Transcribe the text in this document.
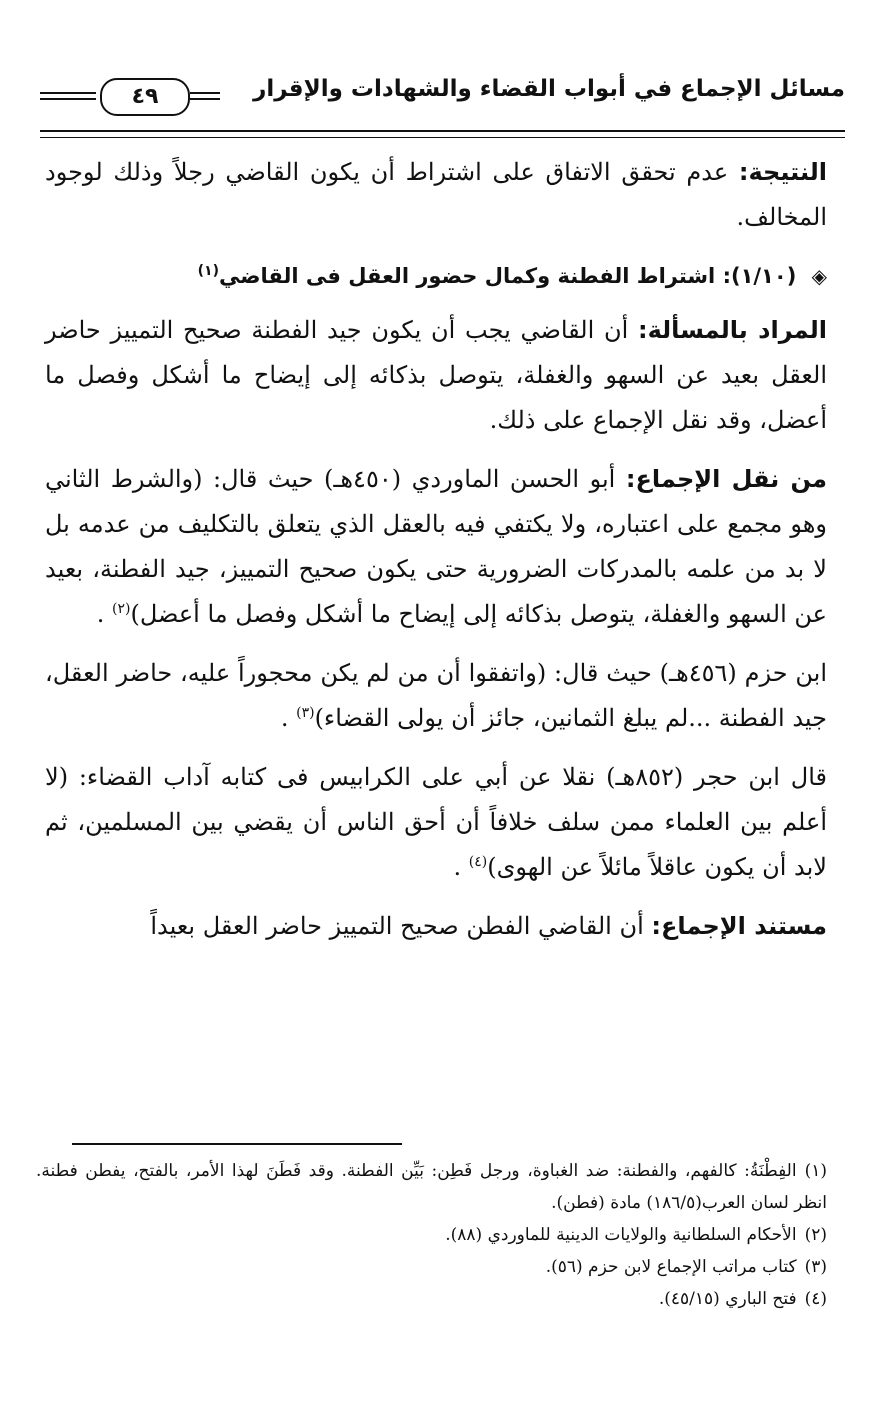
مسائل الإجماع في أبواب القضاء والشهادات والإقرار
٤٩

النتيجة: عدم تحقق الاتفاق على اشتراط أن يكون القاضي رجلاً وذلك لوجود المخالف.

◈ (١/١٠): اشتراط الفطنة وكمال حضور العقل فى القاضي$^{(١)}$

المراد بالمسألة: أن القاضي يجب أن يكون جيد الفطنة صحيح التمييز حاضر العقل بعيد عن السهو والغفلة، يتوصل بذكائه إلى إيضاح ما أشكل وفصل ما أعضل، وقد نقل الإجماع على ذلك.

من نقل الإجماع: أبو الحسن الماوردي (٤٥٠هـ) حيث قال: (والشرط الثاني وهو مجمع على اعتباره، ولا يكتفي فيه بالعقل الذي يتعلق بالتكليف من عدمه بل لا بد من علمه بالمدركات الضرورية حتى يكون صحيح التمييز، جيد الفطنة، بعيد عن السهو والغفلة، يتوصل بذكائه إلى إيضاح ما أشكل وفصل ما أعضل)$^{(٢)}$ .

ابن حزم (٤٥٦هـ) حيث قال: (واتفقوا أن من لم يكن محجوراً عليه، حاضر العقل، جيد الفطنة ...لم يبلغ الثمانين، جائز أن يولى القضاء)$^{(٣)}$ .

قال ابن حجر (٨٥٢هـ) نقلا عن أبي على الكرابيس فى كتابه آداب القضاء: (لا أعلم بين العلماء ممن سلف خلافاً أن أحق الناس أن يقضي بين المسلمين، ثم لابد أن يكون عاقلاً مائلاً عن الهوى)$^{(٤)}$ .

مستند الإجماع: أن القاضي الفطن صحيح التمييز حاضر العقل بعيداً

(١)الفِطْنَةُ: كالفهم، والفطنة: ضد الغباوة، ورجل فَطِن: بَيِّن الفطنة. وقد فَطَنَ لهذا الأمر، بالفتح، يفطن فطنة. انظر لسان العرب(١٨٦/٥) مادة (فطن).

(٢)الأحكام السلطانية والولايات الدينية للماوردي (٨٨).

(٣)كتاب مراتب الإجماع لابن حزم (٥٦).

(٤)فتح الباري (٤٥/١٥).
